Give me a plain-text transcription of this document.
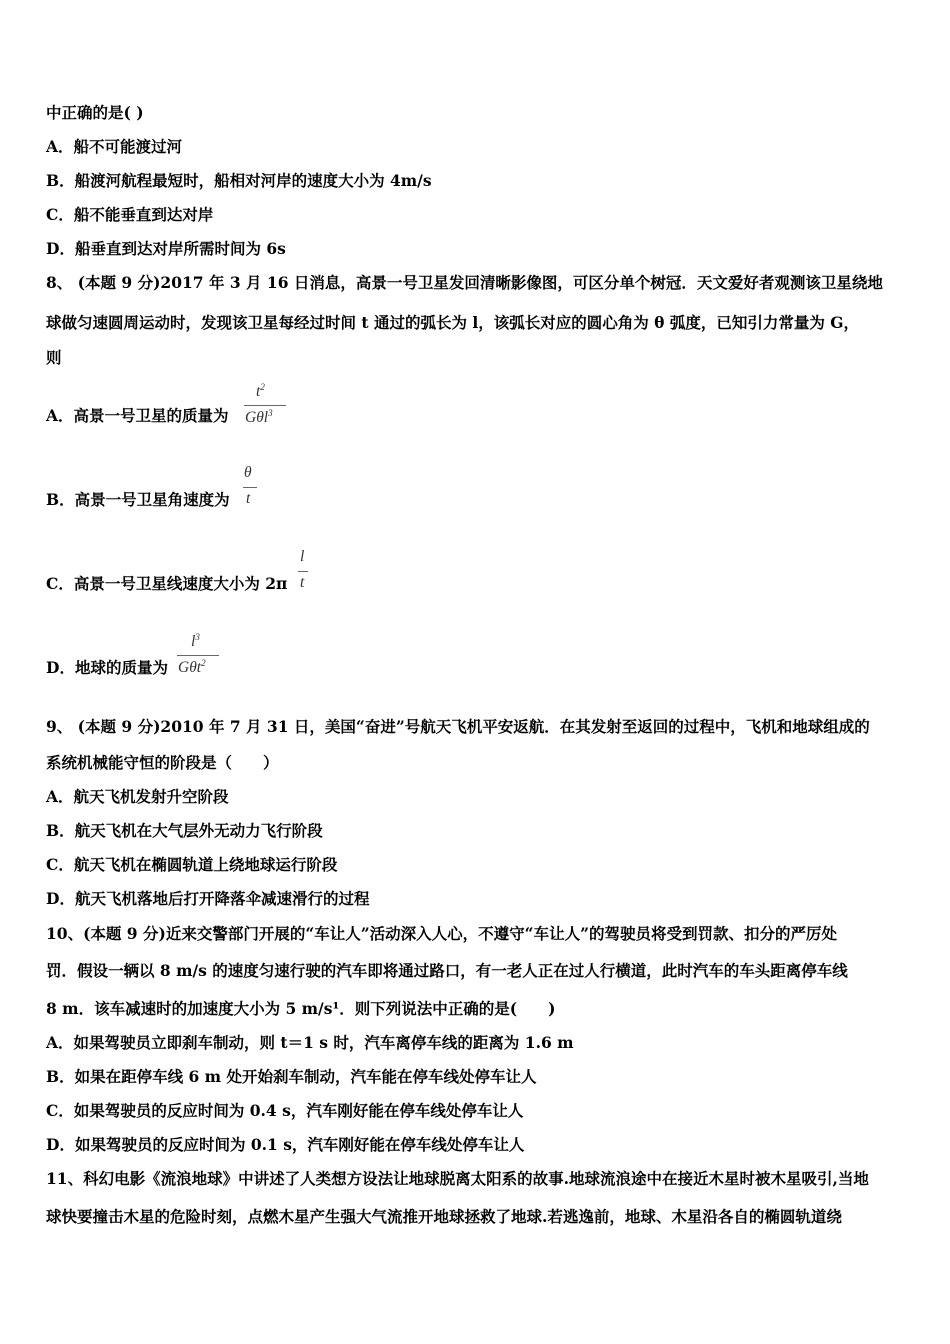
中正确的是( )
A．船不可能渡过河
B．船渡河航程最短时，船相对河岸的速度大小为 4m/s
C．船不能垂直到达对岸
D．船垂直到达对岸所需时间为 6s
8、 (本题 9 分)2017 年 3 月 16 日消息，高景一号卫星发回清晰影像图，可区分单个树冠．天文爱好者观测该卫星绕地
球做匀速圆周运动时，发现该卫星每经过时间 t 通过的弧长为 l，该弧长对应的圆心角为 θ 弧度，已知引力常量为 G，
则
A．高景一号卫星的质量为
$t^2$
Gθl$^3$
B．高景一号卫星角速度为
θ
t
C．高景一号卫星线速度大小为 2π
l
t
D．地球的质量为
$l^3$
Gθt$^2$
9、 (本题 9 分)2010 年 7 月 31 日，美国“奋进”号航天飞机平安返航．在其发射至返回的过程中，飞机和地球组成的
系统机械能守恒的阶段是（　　）
A．航天飞机发射升空阶段
B．航天飞机在大气层外无动力飞行阶段
C．航天飞机在椭圆轨道上绕地球运行阶段
D．航天飞机落地后打开降落伞减速滑行的过程
10、(本题 9 分)近来交警部门开展的“车让人”活动深入人心，不遵守“车让人”的驾驶员将受到罚款、扣分的严厉处
罚．假设一辆以 8 m/s 的速度匀速行驶的汽车即将通过路口，有一老人正在过人行横道，此时汽车的车头距离停车线
8 m．该车减速时的加速度大小为 5 m/s¹．则下列说法中正确的是(　　)
A．如果驾驶员立即刹车制动，则 t＝1 s 时，汽车离停车线的距离为 1.6 m
B．如果在距停车线 6 m 处开始刹车制动，汽车能在停车线处停车让人
C．如果驾驶员的反应时间为 0.4 s，汽车刚好能在停车线处停车让人
D．如果驾驶员的反应时间为 0.1 s，汽车刚好能在停车线处停车让人
11、科幻电影《流浪地球》中讲述了人类想方设法让地球脱离太阳系的故事.地球流浪途中在接近木星时被木星吸引,当地
球快要撞击木星的危险时刻，点燃木星产生强大气流推开地球拯救了地球.若逃逸前，地球、木星沿各自的椭圆轨道绕
